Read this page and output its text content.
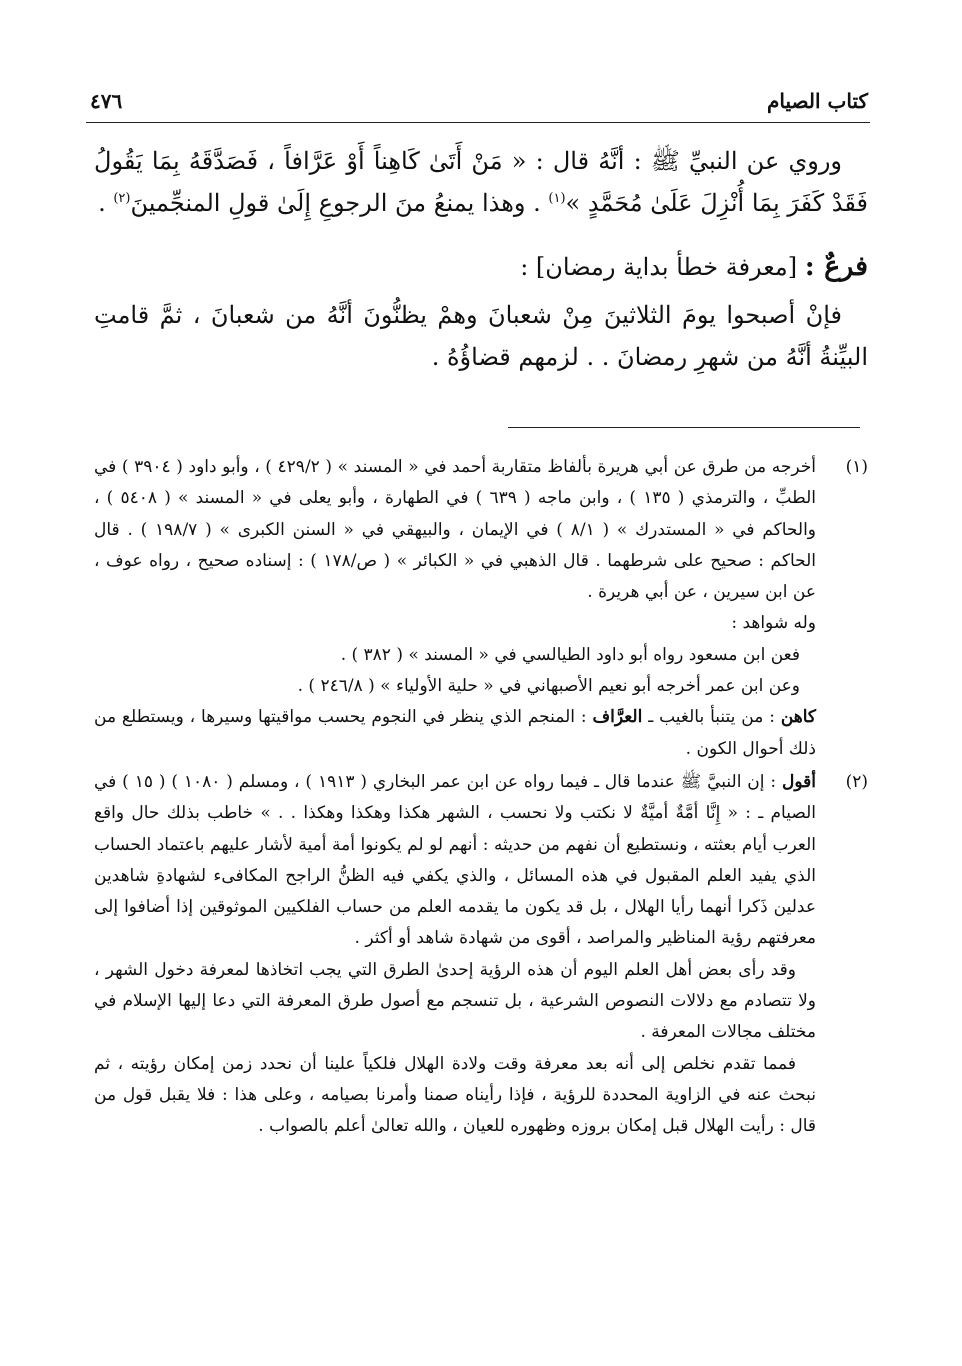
كتاب الصيام
٤٧٦

وروي عن النبيِّ ﷺ : أنَّهُ قال : « مَنْ أَتَىٰ كَاهِناً أَوْ عَرَّافاً ، فَصَدَّقَهُ بِمَا يَقُولُ فَقَدْ كَفَرَ بِمَا أُنْزِلَ عَلَىٰ مُحَمَّدٍ »$^{(١)}$ . وهذا يمنعُ منَ الرجوعِ إِلَىٰ قولِ المنجِّمينَ$^{(٢)}$ .

فرعٌ : [معرفة خطأ بداية رمضان] :

فإنْ أصبحوا يومَ الثلاثينَ مِنْ شعبانَ وهمْ يظنُّونَ أنَّهُ من شعبانَ ، ثمَّ قامتِ البيِّنةُ أنَّهُ من شهرِ رمضانَ . . لزمهم قضاؤُهُ .

(١)

أخرجه من طرق عن أبي هريرة بألفاظ متقاربة أحمد في « المسند » ( ٤٢٩/٢ ) ، وأبو داود ( ٣٩٠٤ ) في الطبِّ ، والترمذي ( ١٣٥ ) ، وابن ماجه ( ٦٣٩ ) في الطهارة ، وأبو يعلى في « المسند » ( ٥٤٠٨ ) ، والحاكم في « المستدرك » ( ٨/١ ) في الإيمان ، والبيهقي في « السنن الكبرى » ( ١٩٨/٧ ) . قال الحاكم : صحيح على شرطهما . قال الذهبي في « الكبائر » ( ص/١٧٨ ) : إسناده صحيح ، رواه عوف ، عن ابن سيرين ، عن أبي هريرة .

وله شواهد :

فعن ابن مسعود رواه أبو داود الطيالسي في « المسند » ( ٣٨٢ ) .

وعن ابن عمر أخرجه أبو نعيم الأصبهاني في « حلية الأولياء » ( ٢٤٦/٨ ) .

كاهن : من يتنبأ بالغيب ـ العرَّاف : المنجم الذي ينظر في النجوم يحسب مواقيتها وسيرها ، ويستطلع من ذلك أحوال الكون .

(٢)

أقول : إن النبيَّ ﷺ عندما قال ـ فيما رواه عن ابن عمر البخاري ( ١٩١٣ ) ، ومسلم ( ١٠٨٠ ) ( ١٥ ) في الصيام ـ : « إِنَّا أمَّةٌ أميَّةٌ لا نكتب ولا نحسب ، الشهر هكذا وهكذا وهكذا . . » خاطب بذلك حال واقع العرب أيام بعثته ، ونستطيع أن نفهم من حديثه : أنهم لو لم يكونوا أمة أمية لأشار عليهم باعتماد الحساب الذي يفيد العلم المقبول في هذه المسائل ، والذي يكفي فيه الظنُّ الراجح المكافىء لشهادةِ شاهدين عدلين ذَكرا أنهما رأيا الهلال ، بل قد يكون ما يقدمه العلم من حساب الفلكيين الموثوقين إذا أضافوا إلى معرفتهم رؤية المناظير والمراصد ، أقوى من شهادة شاهد أو أكثر .

وقد رأى بعض أهل العلم اليوم أن هذه الرؤية إحدىٰ الطرق التي يجب اتخاذها لمعرفة دخول الشهر ، ولا تتصادم مع دلالات النصوص الشرعية ، بل تنسجم مع أصول طرق المعرفة التي دعا إليها الإسلام في مختلف مجالات المعرفة .

فمما تقدم نخلص إلى أنه بعد معرفة وقت ولادة الهلال فلكياً علينا أن نحدد زمن إمكان رؤيته ، ثم نبحث عنه في الزاوية المحددة للرؤية ، فإذا رأيناه صمنا وأمرنا بصيامه ، وعلى هذا : فلا يقبل قول من قال : رأيت الهلال قبل إمكان بروزه وظهوره للعيان ، والله تعالىٰ أعلم بالصواب .
